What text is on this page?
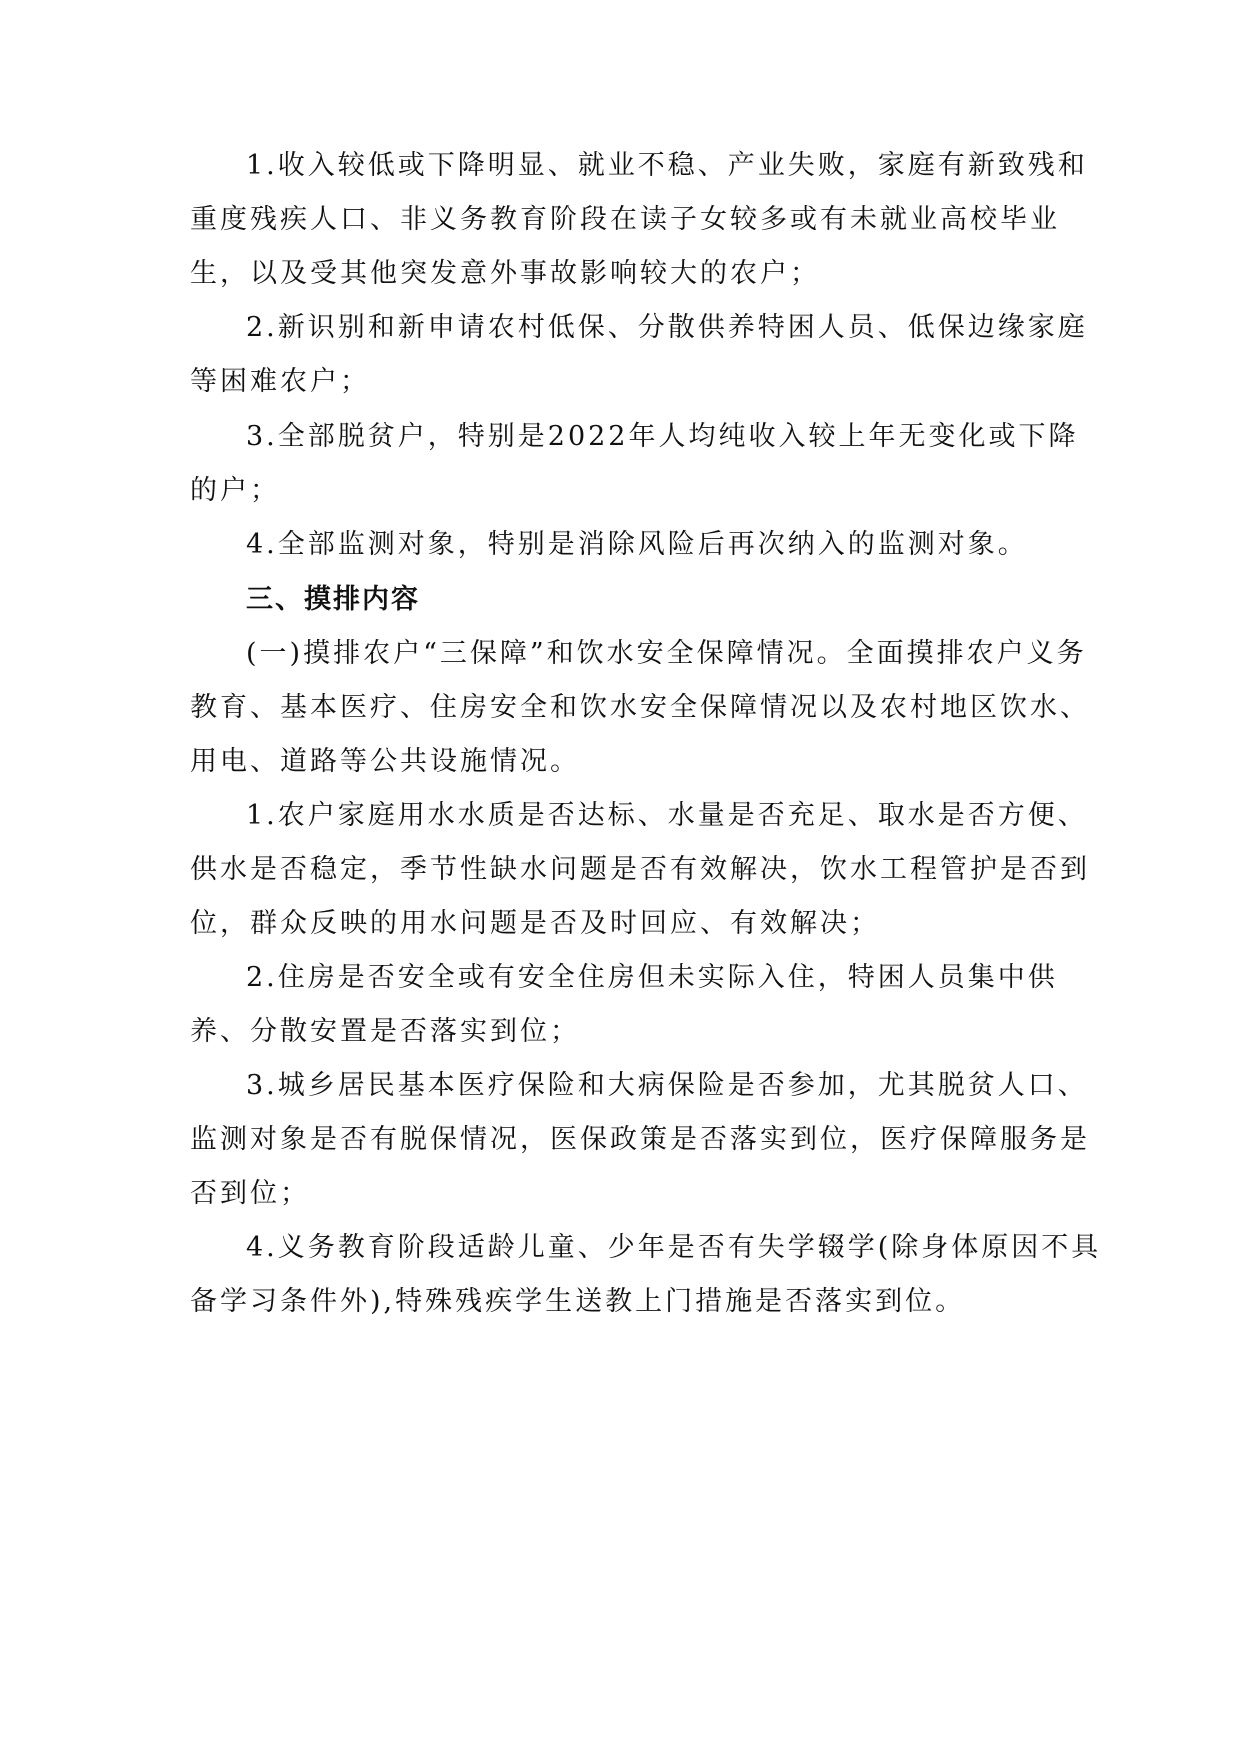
1.收入较低或下降明显、就业不稳、产业失败，家庭有新致残和

重度残疾人口、非义务教育阶段在读子女较多或有未就业高校毕业

生，以及受其他突发意外事故影响较大的农户；

2.新识别和新申请农村低保、分散供养特困人员、低保边缘家庭

等困难农户；

3.全部脱贫户，特别是2022年人均纯收入较上年无变化或下降

的户；

4.全部监测对象，特别是消除风险后再次纳入的监测对象。

三、摸排内容

(一)摸排农户“三保障”和饮水安全保障情况。全面摸排农户义务

教育、基本医疗、住房安全和饮水安全保障情况以及农村地区饮水、

用电、道路等公共设施情况。

1.农户家庭用水水质是否达标、水量是否充足、取水是否方便、

供水是否稳定，季节性缺水问题是否有效解决，饮水工程管护是否到

位，群众反映的用水问题是否及时回应、有效解决；

2.住房是否安全或有安全住房但未实际入住，特困人员集中供

养、分散安置是否落实到位；

3.城乡居民基本医疗保险和大病保险是否参加，尤其脱贫人口、

监测对象是否有脱保情况，医保政策是否落实到位，医疗保障服务是

否到位；

4.义务教育阶段适龄儿童、少年是否有失学辍学(除身体原因不具

备学习条件外),特殊残疾学生送教上门措施是否落实到位。
